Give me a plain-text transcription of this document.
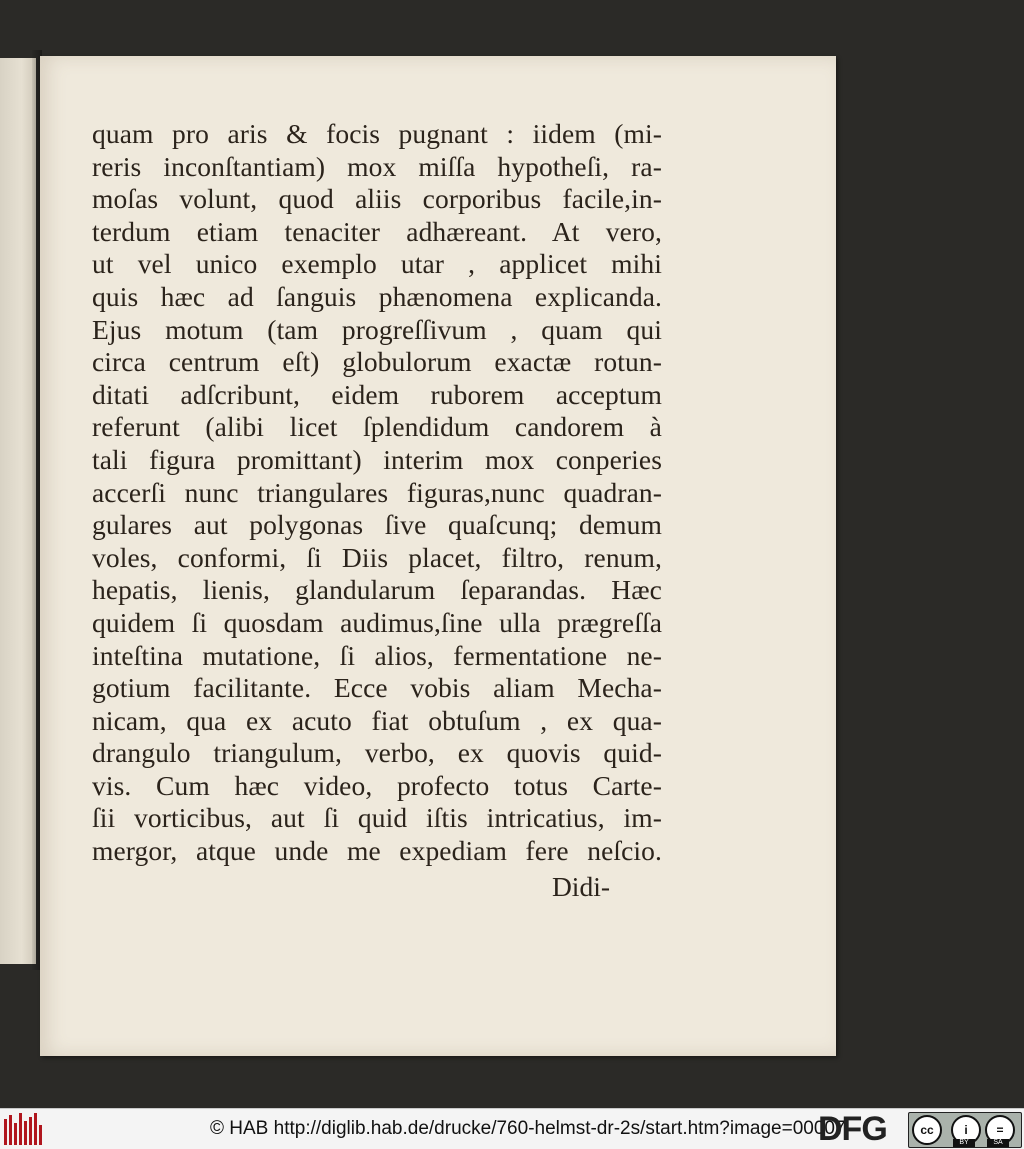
quam pro aris & focis pugnant : iidem (mi-
reris inconſtantiam) mox miſſa hypotheſi, ra-
moſas volunt, quod aliis corporibus facile,in-
terdum etiam tenaciter adhæreant. At vero,
ut vel unico exemplo utar , applicet mihi
quis hæc ad ſanguis phænomena explicanda.
Ejus motum (tam progreſſivum , quam qui
circa centrum eſt) globulorum exactæ rotun-
ditati adſcribunt, eidem ruborem acceptum
referunt (alibi licet ſplendidum candorem à
tali figura promittant) interim mox conperies
accerſi nunc triangulares figuras,nunc quadran-
gulares aut polygonas ſive quaſcunq; demum
voles, conformi, ſi Diis placet, filtro, renum,
hepatis, lienis, glandularum ſeparandas. Hæc
quidem ſi quosdam audimus,ſine ulla prægreſſa
inteſtina mutatione, ſi alios, fermentatione ne-
gotium facilitante. Ecce vobis aliam Mecha-
nicam, qua ex acuto fiat obtuſum , ex qua-
drangulo triangulum, verbo, ex quovis quid-
vis. Cum hæc video, profecto totus Carte-
ſii vorticibus, aut ſi quid iſtis intricatius, im-
mergor, atque unde me expediam fere neſcio.
Didi-
© HAB http://diglib.hab.de/drucke/760-helmst-dr-2s/start.htm?image=00007
DFG	cc	i	=
BY	SA
